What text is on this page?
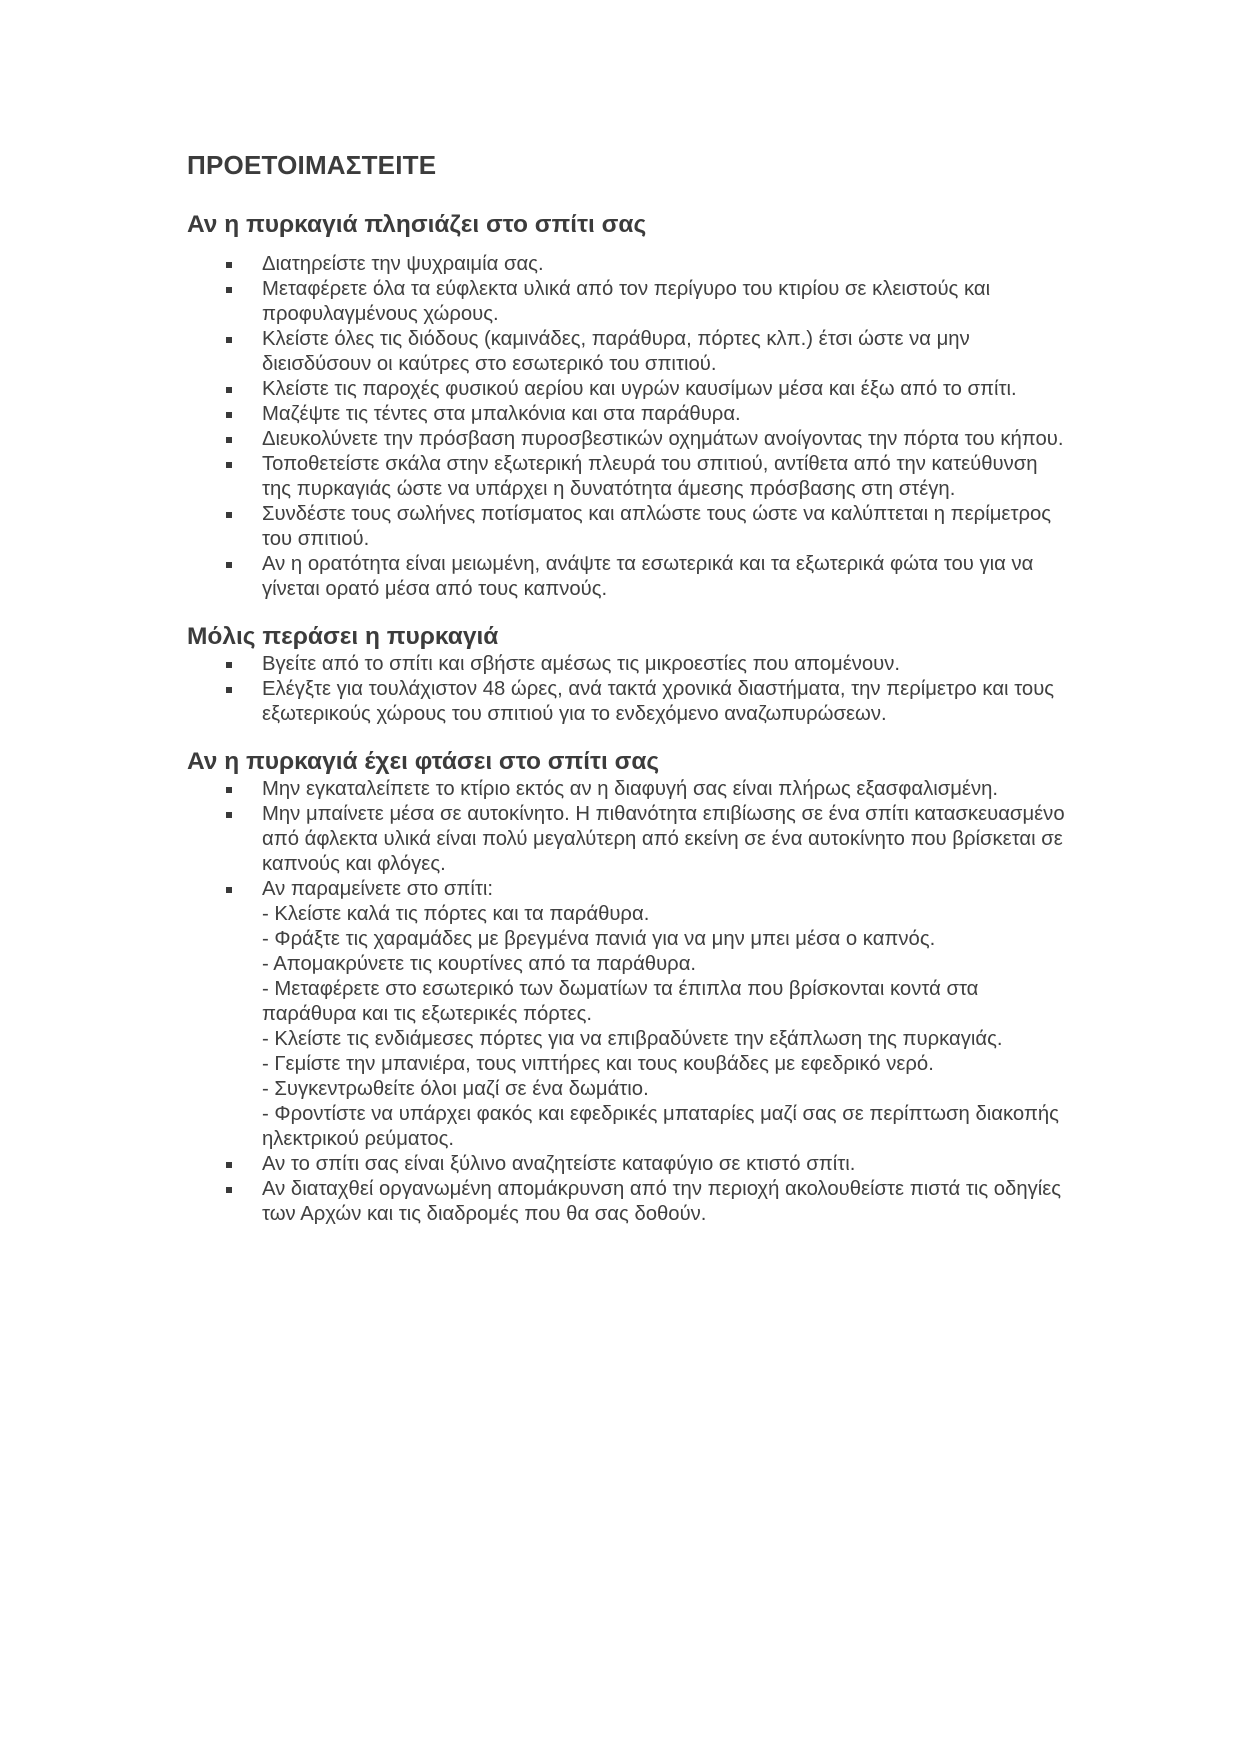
ΠΡΟΕΤΟΙΜΑΣΤΕΙΤΕ
Αν η πυρκαγιά πλησιάζει στο σπίτι σας
Διατηρείστε την ψυχραιμία σας.
Μεταφέρετε όλα τα εύφλεκτα υλικά από τον περίγυρο του κτιρίου σε κλειστούς και προφυλαγμένους χώρους.
Κλείστε όλες τις διόδους (καμινάδες, παράθυρα, πόρτες κλπ.) έτσι ώστε να μην διεισδύσουν οι καύτρες στο εσωτερικό του σπιτιού.
Κλείστε τις παροχές φυσικού αερίου και υγρών καυσίμων μέσα και έξω από το σπίτι.
Μαζέψτε τις τέντες στα μπαλκόνια και στα παράθυρα.
Διευκολύνετε την πρόσβαση πυροσβεστικών οχημάτων ανοίγοντας την πόρτα του κήπου.
Τοποθετείστε σκάλα στην εξωτερική πλευρά του σπιτιού, αντίθετα από την κατεύθυνση της πυρκαγιάς ώστε να υπάρχει η δυνατότητα άμεσης πρόσβασης στη στέγη.
Συνδέστε τους σωλήνες ποτίσματος και απλώστε τους ώστε να καλύπτεται η περίμετρος του σπιτιού.
Αν η ορατότητα είναι μειωμένη, ανάψτε τα εσωτερικά και τα εξωτερικά φώτα του για να γίνεται ορατό μέσα από τους καπνούς.
Μόλις περάσει η πυρκαγιά
Βγείτε από το σπίτι και σβήστε αμέσως τις μικροεστίες που απομένουν.
Ελέγξτε για τουλάχιστον 48 ώρες, ανά τακτά χρονικά διαστήματα, την περίμετρο και τους εξωτερικούς χώρους του σπιτιού για το ενδεχόμενο αναζωπυρώσεων.
Αν η πυρκαγιά έχει φτάσει στο σπίτι σας
Μην εγκαταλείπετε το κτίριο εκτός αν η διαφυγή σας είναι πλήρως εξασφαλισμένη.
Μην μπαίνετε μέσα σε αυτοκίνητο. Η πιθανότητα επιβίωσης σε ένα σπίτι κατασκευασμένο από άφλεκτα υλικά είναι πολύ μεγαλύτερη από εκείνη σε ένα αυτοκίνητο που βρίσκεται σε καπνούς και φλόγες.
Αν παραμείνετε στο σπίτι:
- Κλείστε καλά τις πόρτες και τα παράθυρα.
- Φράξτε τις χαραμάδες με βρεγμένα πανιά για να μην μπει μέσα ο καπνός.
- Απομακρύνετε τις κουρτίνες από τα παράθυρα.
- Μεταφέρετε στο εσωτερικό των δωματίων τα έπιπλα που βρίσκονται κοντά στα παράθυρα και τις εξωτερικές πόρτες.
- Κλείστε τις ενδιάμεσες πόρτες για να επιβραδύνετε την εξάπλωση της πυρκαγιάς.
- Γεμίστε την μπανιέρα, τους νιπτήρες και τους κουβάδες με εφεδρικό νερό.
- Συγκεντρωθείτε όλοι μαζί σε ένα δωμάτιο.
- Φροντίστε να υπάρχει φακός και εφεδρικές μπαταρίες μαζί σας σε περίπτωση διακοπής ηλεκτρικού ρεύματος.
Αν το σπίτι σας είναι ξύλινο αναζητείστε καταφύγιο σε κτιστό σπίτι.
Αν διαταχθεί οργανωμένη απομάκρυνση από την περιοχή ακολουθείστε πιστά τις οδηγίες των Αρχών και τις διαδρομές που θα σας δοθούν.
